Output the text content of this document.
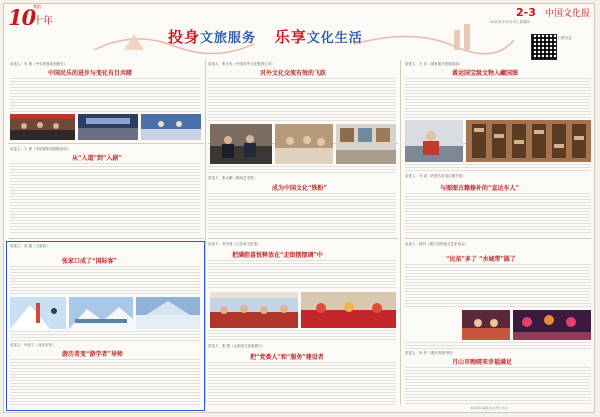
10
我的
十年
2-3 中国文化报
2022年10月13日 星期四
扫码关注
投身文旅服务 乐享文化生活
讲述人：朱 林（中央民族乐团团长）
中国民乐的进步与变化有目共睹
讲述人：王 婷（中国国家话剧院演员）
从“入道”到“入剧”
讲述人：高 翔（文旅局）
张家口成了“国际客”
讲述人：叶佳宁（北京市民）
游历者变“游学者”导师
讲述人：张宇光（中国对外文化集团公司）
对外文化交流有效的飞跃
讲述人：张大鹏（陕西艺术馆）
成为中国文化“铁粉”
讲述人：刘小燕（江苏省文化馆）
把满腔喜悦释放在“走街摆摆调”中
讲述人：张 晨（云南省文化旅游厅）
把“党委人”和“服务”建设者
讲述人：王 乐（国家图书馆展览部）
番运国宝级文物入藏国图
讲述人：马 炎（内蒙古自治区图书馆）
与图图古籍修补的“直达车人”
讲述人：林丹（浙江省民间文艺家协会）
“民星”多了 “水城带”圆了
讲述人：叶 莎（重庆市图书馆）
月山市晚晴来幸福满足
本版责任编辑 版式设计 校对
